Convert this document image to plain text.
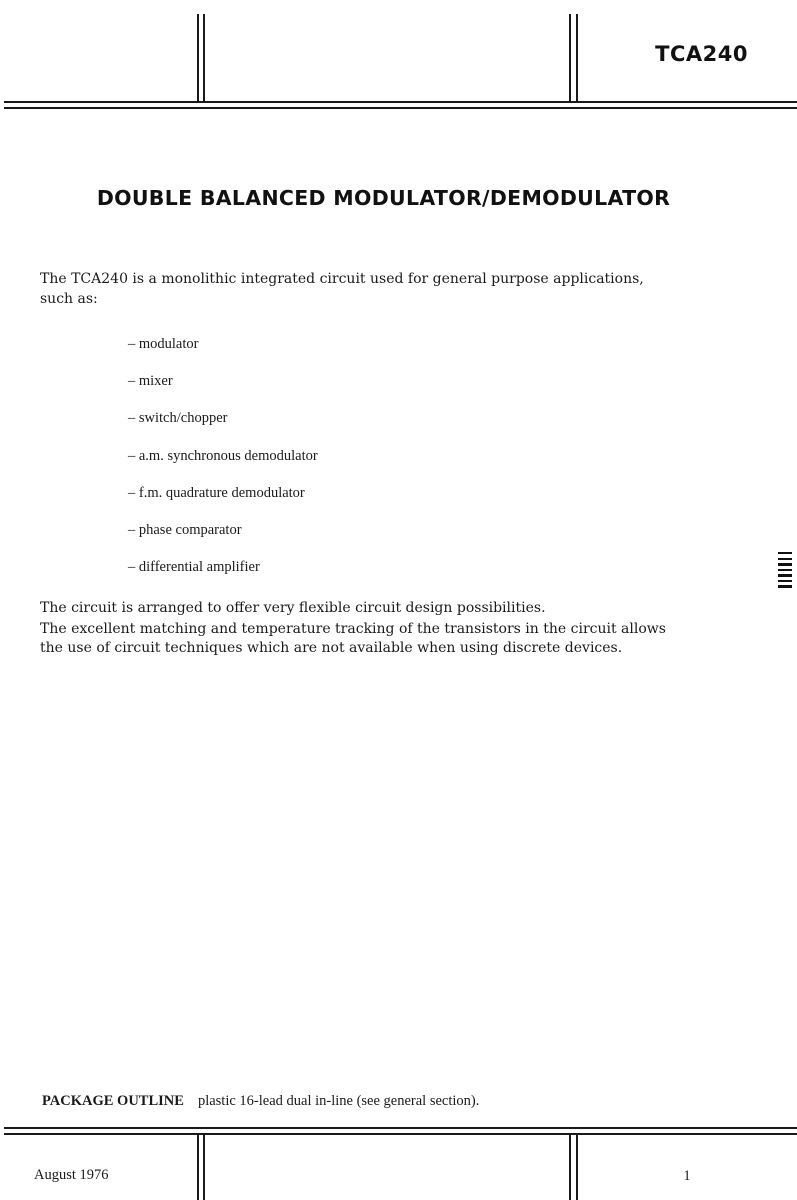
TCA240
DOUBLE BALANCED MODULATOR/DEMODULATOR
The TCA240 is a monolithic integrated circuit used for general purpose applications,
such as:
– modulator
– mixer
– switch/chopper
– a.m. synchronous demodulator
– f.m. quadrature demodulator
– phase comparator
– differential amplifier
The circuit is arranged to offer very flexible circuit design possibilities.
The excellent matching and temperature tracking of the transistors in the circuit allows
the use of circuit techniques which are not available when using discrete devices.
PACKAGE OUTLINE plastic 16-lead dual in-line (see general section).
August 1976	1
